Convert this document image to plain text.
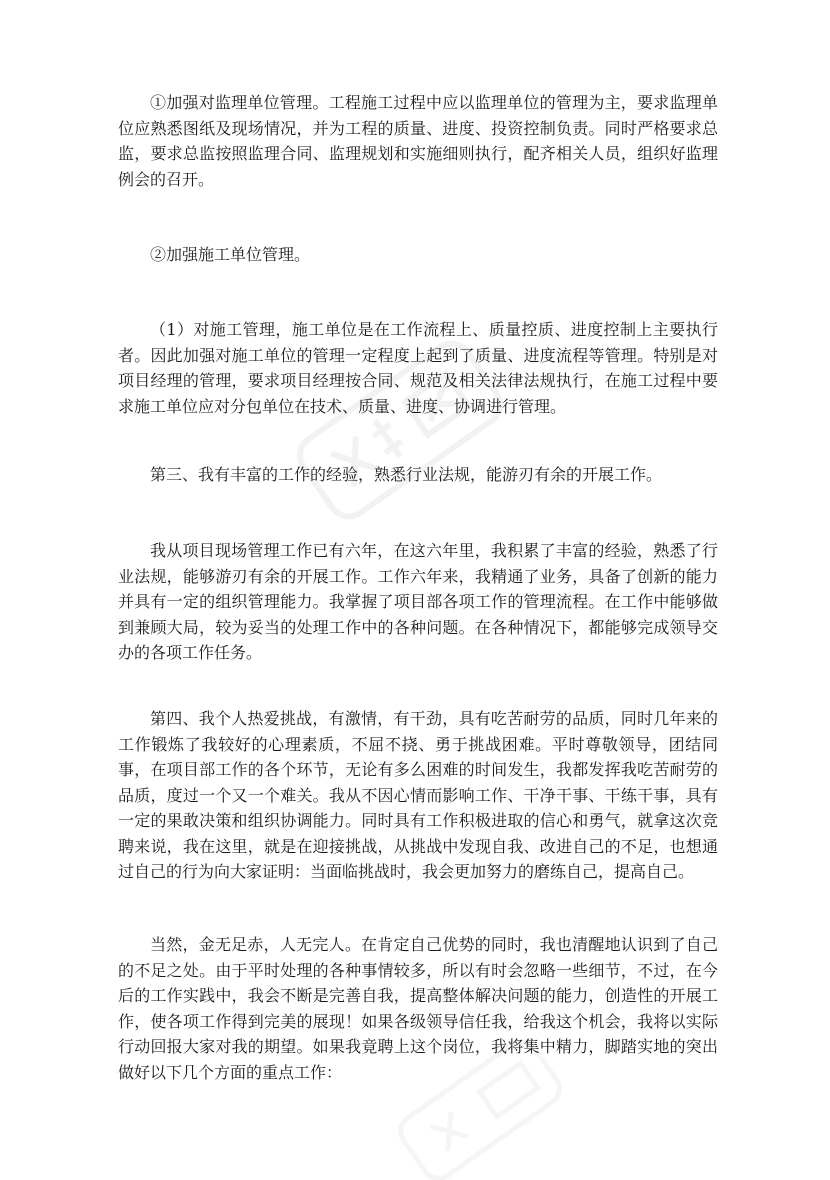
①加强对监理单位管理。工程施工过程中应以监理单位的管理为主，要求监理单位应熟悉图纸及现场情况，并为工程的质量、进度、投资控制负责。同时严格要求总监，要求总监按照监理合同、监理规划和实施细则执行，配齐相关人员，组织好监理例会的召开。

②加强施工单位管理。

（1）对施工管理，施工单位是在工作流程上、质量控质、进度控制上主要执行者。因此加强对施工单位的管理一定程度上起到了质量、进度流程等管理。特别是对项目经理的管理，要求项目经理按合同、规范及相关法律法规执行，在施工过程中要求施工单位应对分包单位在技术、质量、进度、协调进行管理。

第三、我有丰富的工作的经验，熟悉行业法规，能游刃有余的开展工作。

我从项目现场管理工作已有六年，在这六年里，我积累了丰富的经验，熟悉了行业法规，能够游刃有余的开展工作。工作六年来，我精通了业务，具备了创新的能力并具有一定的组织管理能力。我掌握了项目部各项工作的管理流程。在工作中能够做到兼顾大局，较为妥当的处理工作中的各种问题。在各种情况下，都能够完成领导交办的各项工作任务。

第四、我个人热爱挑战，有激情，有干劲，具有吃苦耐劳的品质，同时几年来的工作锻炼了我较好的心理素质，不屈不挠、勇于挑战困难。平时尊敬领导，团结同事，在项目部工作的各个环节，无论有多么困难的时间发生，我都发挥我吃苦耐劳的品质，度过一个又一个难关。我从不因心情而影响工作、干净干事、干练干事，具有一定的果敢决策和组织协调能力。同时具有工作积极进取的信心和勇气，就拿这次竞聘来说，我在这里，就是在迎接挑战，从挑战中发现自我、改进自己的不足，也想通过自己的行为向大家证明：当面临挑战时，我会更加努力的磨练自己，提高自己。

当然，金无足赤，人无完人。在肯定自己优势的同时，我也清醒地认识到了自己的不足之处。由于平时处理的各种事情较多，所以有时会忽略一些细节，不过，在今后的工作实践中，我会不断是完善自我，提高整体解决问题的能力，创造性的开展工作，使各项工作得到完美的展现！如果各级领导信任我，给我这个机会，我将以实际行动回报大家对我的期望。如果我竟聘上这个岗位，我将集中精力，脚踏实地的突出做好以下几个方面的重点工作：
